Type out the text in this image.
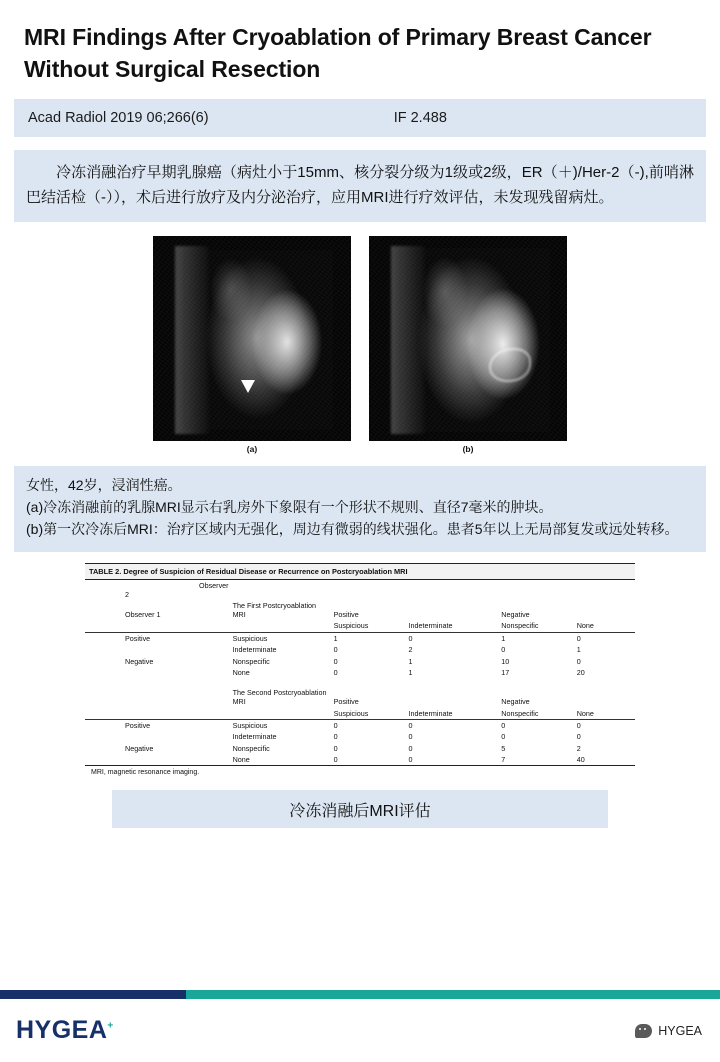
MRI Findings After Cryoablation of Primary Breast Cancer Without Surgical Resection
Acad Radiol 2019 06;266(6)	IF 2.488
冷冻消融治疗早期乳腺癌（病灶小于15mm、核分裂分级为1级或2级，ER（＋)/Her-2（-),前哨淋巴结活检（-）），术后进行放疗及内分泌治疗，应用MRI进行疗效评估，未发现残留病灶。
(a)	(b)

女性，42岁，浸润性癌。

(a)冷冻消融前的乳腺MRI显示右乳房外下象限有一个形状不规则、直径7毫米的肿块。

(b)第一次冷冻后MRI：治疗区域内无强化，周边有微弱的线状强化。患者5年以上无局部复发或远处转移。

TABLE 2. Degree of Suspicion of Residual Disease or Recurrence on Postcryoablation MRI
Observer 2					
Observer 1	The First Postcryoablation MRI	Positive		Negative	
		Suspicious	Indeterminate	Nonspecific	None
Positive	Suspicious	1	0	1	0
	Indeterminate	0	2	0	1
Negative	Nonspecific	0	1	10	0
	None	0	1	17	20

	The Second Postcryoablation MRI	Positive		Negative	
		Suspicious	Indeterminate	Nonspecific	None
Positive	Suspicious	0	0	0	0
	Indeterminate	0	0	0	0
Negative	Nonspecific	0	0	5	2
	None	0	0	7	40
MRI, magnetic resonance imaging.
冷冻消融后MRI评估
HYGEA+	HYGEA
